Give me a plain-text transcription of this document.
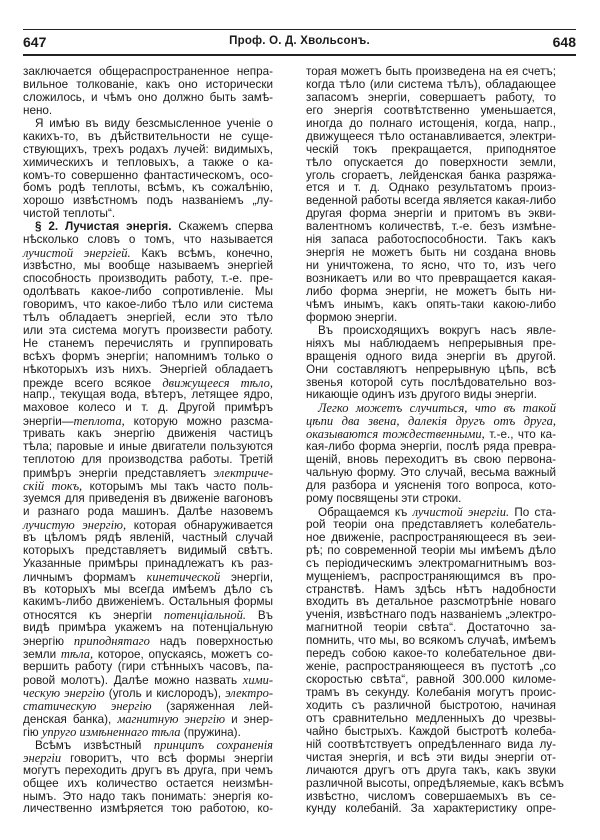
647	Проф. О. Д. Хвольсонъ.	648
заключается общераспространенное непра-
вильное толкованіе, какъ оно исторически
сложилось, и чѣмъ оно должно быть замѣ-
нено.
Я имѣю въ виду безсмысленное ученіе о
какихъ-то, въ дѣйствительности не суще-
ствующихъ, трехъ родахъ лучей: видимыхъ,
химическихъ и тепловыхъ, а также о ка-
комъ-то совершенно фантастическомъ, осо-
бомъ родѣ теплоты, всѣмъ, къ сожалѣнію,
хорошо извѣстномъ подъ названіемъ „лу-
чистой теплоты“.
§ 2. Лучистая энергія. Скажемъ сперва
нѣсколько словъ о томъ, что называется
лучистой энергіей. Какъ всѣмъ, конечно,
извѣстно, мы вообще называемъ энергіей
способность производить работу, т.-е. пре-
одолѣвать какое-либо сопротивленіе. Мы
говоримъ, что какое-либо тѣло или система
тѣлъ обладаетъ энергіей, если это тѣло
или эта система могутъ произвести работу.
Не станемъ перечислять и группировать
всѣхъ формъ энергіи; напомнимъ только о
нѣкоторыхъ изъ нихъ. Энергіей обладаетъ
прежде всего всякое движущееся тѣло,
напр., текущая вода, вѣтеръ, летящее ядро,
маховое колесо и т. д. Другой примѣръ
энергіи—теплота, которую можно разсма-
тривать какъ энергію движенія частицъ
тѣла; паровые и иные двигатели пользуются
теплотою для производства работы. Третій
примѣръ энергіи представляетъ электриче-
скій токъ, которымъ мы такъ часто поль-
зуемся для приведенія въ движеніе вагоновъ
и разнаго рода машинъ. Далѣе назовемъ
лучистую энергію, которая обнаруживается
въ цѣломъ рядѣ явленій, частный случай
которыхъ представляетъ видимый свѣтъ.
Указанные примѣры принадлежатъ къ раз-
личнымъ формамъ кинетической энергіи,
въ которыхъ мы всегда имѣемъ дѣло съ
какимъ-либо движеніемъ. Остальныя формы
относятся къ энергіи потенціальной. Въ
видѣ примѣра укажемъ на потенціальную
энергію приподнятаго надъ поверхностью
земли тѣла, которое, опускаясь, можетъ со-
вершить работу (гири стѣнныхъ часовъ, па-
ровой молотъ). Далѣе можно назвать хими-
ческую энергію (уголь и кислородъ), электро-
статическую энергію (заряженная лей-
денская банка), магнитную энергію и энер-
гію упруго измѣненнаго тѣла (пружина).
Всѣмъ извѣстный принципъ сохраненія
энергіи говоритъ, что всѣ формы энергіи
могутъ переходить другъ въ друга, при чемъ
общее ихъ количество остается неизмѣн-
нымъ. Это надо такъ понимать: энергія ко-
личественно измѣряется тою работою, ко-
торая можетъ быть произведена на ея счетъ;
когда тѣло (или система тѣлъ), обладающее
запасомъ энергіи, совершаетъ работу, то
его энергія соотвѣтственно уменьшается,
иногда до полнаго истощенія, когда, напр.,
движущееся тѣло останавливается, электри-
ческій токъ прекращается, приподнятое
тѣло опускается до поверхности земли,
уголь сгораетъ, лейденская банка разряжа-
ется и т. д. Однако результатомъ произ-
веденной работы всегда является какая-либо
другая форма энергіи и притомъ въ экви-
валентномъ количествѣ, т.-е. безъ измѣне-
нія запаса работоспособности. Такъ какъ
энергія не можетъ быть ни создана вновь
ни уничтожена, то ясно, что то, изъ чего
возникаетъ или во что превращается какая-
либо форма энергіи, не можетъ быть ни-
чѣмъ инымъ, какъ опять-таки какою-либо
формою энергіи.
Въ происходящихъ вокругъ насъ явле-
ніяхъ мы наблюдаемъ непрерывныя пре-
вращенія одного вида энергіи въ другой.
Они составляютъ непрерывную цѣпь, всѣ
звенья которой суть послѣдовательно воз-
никающіе одинъ изъ другого виды энергіи.
Легко можетъ случиться, что въ такой
цѣпи два звена, далекія другъ отъ друга,
оказываются тождественными, т.-е., что ка-
кая-либо форма энергіи, послѣ ряда превра-
щеній, вновь переходитъ въ свою первона-
чальную форму. Это случай, весьма важный
для разбора и уясненія того вопроса, кото-
рому посвящены эти строки.
Обращаемся къ лучистой энергіи. По ста-
рой теоріи она представляетъ колебатель-
ное движеніе, распространяющееся въ эеи-
рѣ; по современной теоріи мы имѣемъ дѣло
съ періодическимъ электромагнитнымъ воз-
мущеніемъ, распространяющимся въ про-
странствѣ. Намъ здѣсь нѣтъ надобности
входить въ детальное разсмотрѣніе новаго
ученія, извѣстнаго подъ названіемъ „электро-
магнитной теоріи свѣта“. Достаточно за-
помнить, что мы, во всякомъ случаѣ, имѣемъ
передъ собою какое-то колебательное дви-
женіе, распространяющееся въ пустотѣ „со
скоростью свѣта“, равной 300.000 киломе-
трамъ въ секунду. Колебанія могутъ проис-
ходить съ различной быстротою, начиная
отъ сравнительно медленныхъ до чрезвы-
чайно быстрыхъ. Каждой быстротѣ колеба-
ній соотвѣтствуетъ опредѣленнаго вида лу-
чистая энергія, и всѣ эти виды энергіи от-
личаются другъ отъ друга такъ, какъ звуки
различной высоты, опредѣляемые, какъ всѣмъ
извѣстно, числомъ совершаемыхъ въ се-
кунду колебаній. За характеристику опре-
